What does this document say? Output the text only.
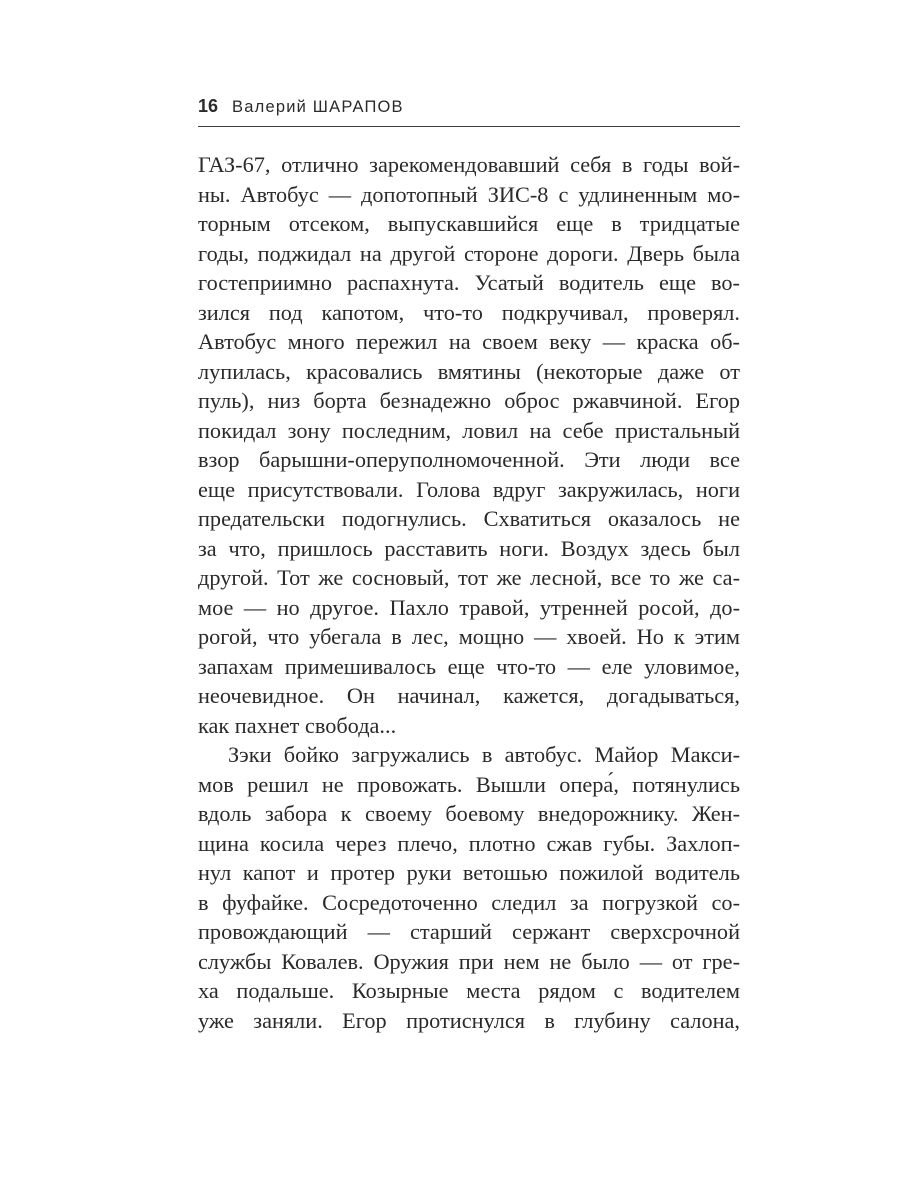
16 Валерий ШАРАПОВ
ГАЗ-67, отлично зарекомендовавший себя в годы вой-
ны. Автобус — допотопный ЗИС-8 с удлиненным мо-
торным отсеком, выпускавшийся еще в тридцатые
годы, поджидал на другой стороне дороги. Дверь была
гостеприимно распахнута. Усатый водитель еще во-
зился под капотом, что-то подкручивал, проверял.
Автобус много пережил на своем веку — краска об-
лупилась, красовались вмятины (некоторые даже от
пуль), низ борта безнадежно оброс ржавчиной. Егор
покидал зону последним, ловил на себе пристальный
взор барышни-оперуполномоченной. Эти люди все
еще присутствовали. Голова вдруг закружилась, ноги
предательски подогнулись. Схватиться оказалось не
за что, пришлось расставить ноги. Воздух здесь был
другой. Тот же сосновый, тот же лесной, все то же са-
мое — но другое. Пахло травой, утренней росой, до-
рогой, что убегала в лес, мощно — хвоей. Но к этим
запахам примешивалось еще что-то — еле уловимое,
неочевидное. Он начинал, кажется, догадываться,
как пахнет свобода...
Зэки бойко загружались в автобус. Майор Макси-
мов решил не провожать. Вышли опера́, потянулись
вдоль забора к своему боевому внедорожнику. Жен-
щина косила через плечо, плотно сжав губы. Захлоп-
нул капот и протер руки ветошью пожилой водитель
в фуфайке. Сосредоточенно следил за погрузкой со-
провождающий — старший сержант сверхсрочной
службы Ковалев. Оружия при нем не было — от гре-
ха подальше. Козырные места рядом с водителем
уже заняли. Егор протиснулся в глубину салона,
